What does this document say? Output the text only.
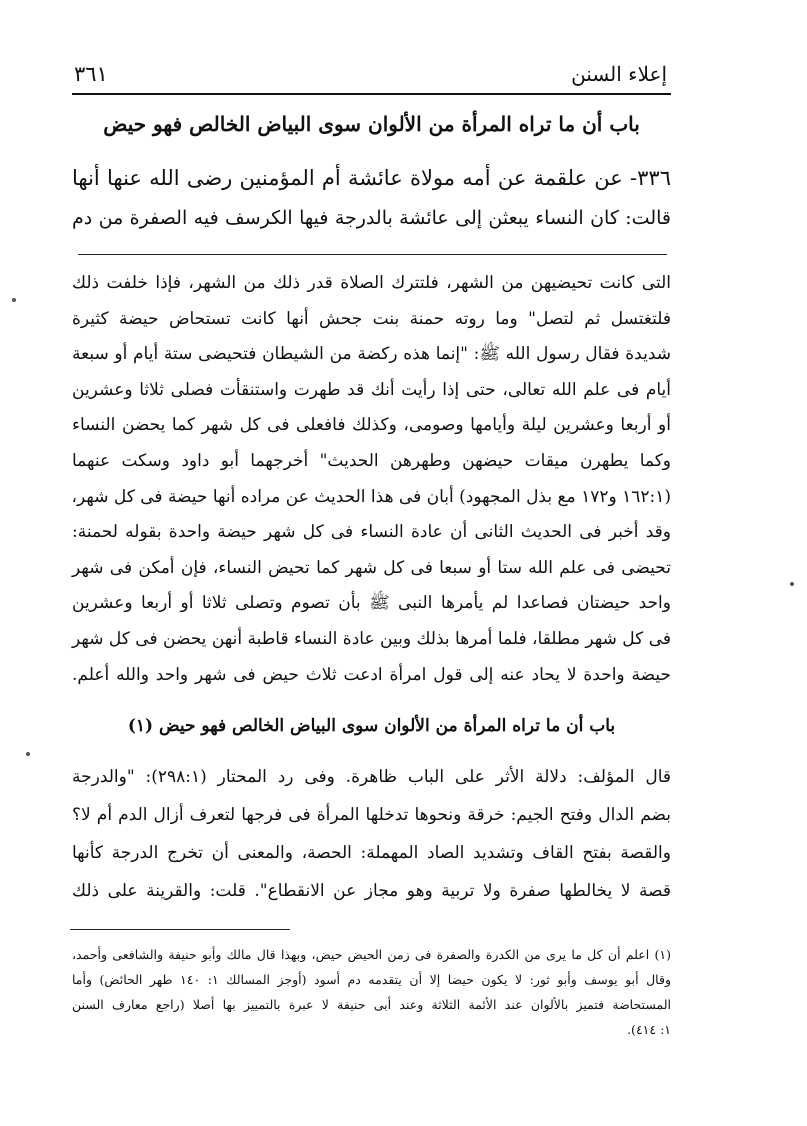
إعلاء السنن
٣٦١
باب أن ما تراه المرأة من الألوان سوى البياض الخالص فهو حيض
٣٣٦- عن علقمة عن أمه مولاة عائشة أم المؤمنين رضى الله عنها أنها
قالت: كان النساء يبعثن إلى عائشة بالدرجة فيها الكرسف فيه الصفرة من دم
التى كانت تحيضيهن من الشهر، فلتترك الصلاة قدر ذلك من الشهر، فإذا خلفت ذلك
فلتغتسل ثم لتصل" وما روته حمنة بنت جحش أنها كانت تستحاض حيضة كثيرة
شديدة فقال رسول الله ﷺ: "إنما هذه ركضة من الشيطان فتحيضى ستة أيام أو سبعة
أيام فى علم الله تعالى، حتى إذا رأيت أنك قد طهرت واستنقأت فصلى ثلاثا وعشرين
أو أربعا وعشرين ليلة وأيامها وصومى، وكذلك فافعلى فى كل شهر كما يحضن النساء
وكما يطهرن ميقات حيضهن وطهرهن الحديث" أخرجهما أبو داود وسكت عنهما
(١٦٢:١ و١٧٢ مع بذل المجهود) أبان فى هذا الحديث عن مراده أنها حيضة فى كل شهر،
وقد أخبر فى الحديث الثانى أن عادة النساء فى كل شهر حيضة واحدة بقوله لحمنة:
تحيضى فى علم الله ستا أو سبعا فى كل شهر كما تحيض النساء، فإن أمكن فى شهر
واحد حيضتان فصاعدا لم يأمرها النبى ﷺ بأن تصوم وتصلى ثلاثا أو أربعا وعشرين
فى كل شهر مطلقا، فلما أمرها بذلك وبين عادة النساء قاطبة أنهن يحضن فى كل شهر
حيضة واحدة لا يحاد عنه إلى قول امرأة ادعت ثلاث حيض فى شهر واحد والله أعلم.
باب أن ما تراه المرأة من الألوان سوى البياض الخالص فهو حيض (١)
قال المؤلف: دلالة الأثر على الباب ظاهرة. وفى رد المحتار (٢٩٨:١): "والدرجة
بضم الدال وفتح الجيم: خرقة ونحوها تدخلها المرأة فى فرجها لتعرف أزال الدم أم لا؟
والقصة بفتح القاف وتشديد الصاد المهملة: الحصة، والمعنى أن تخرج الدرجة كأنها
قصة لا يخالطها صفرة ولا تربية وهو مجاز عن الانقطاع". قلت: والقرينة على ذلك
(١) اعلم أن كل ما يرى من الكدرة والصفرة فى زمن الحيض حيض، وبهذا قال مالك وأبو حنيفة والشافعى وأحمد،
وقال أبو يوسف وأبو ثور: لا يكون حيضا إلا أن يتقدمه دم أسود (أوجز المسالك ١: ١٤٠ طهر الحائض) وأما
المستحاضة فتميز بالألوان عند الأئمة الثلاثة وعند أبى حنيفة لا عبرة بالتمييز بها أصلا (راجع معارف السنن
١: ٤١٤).
